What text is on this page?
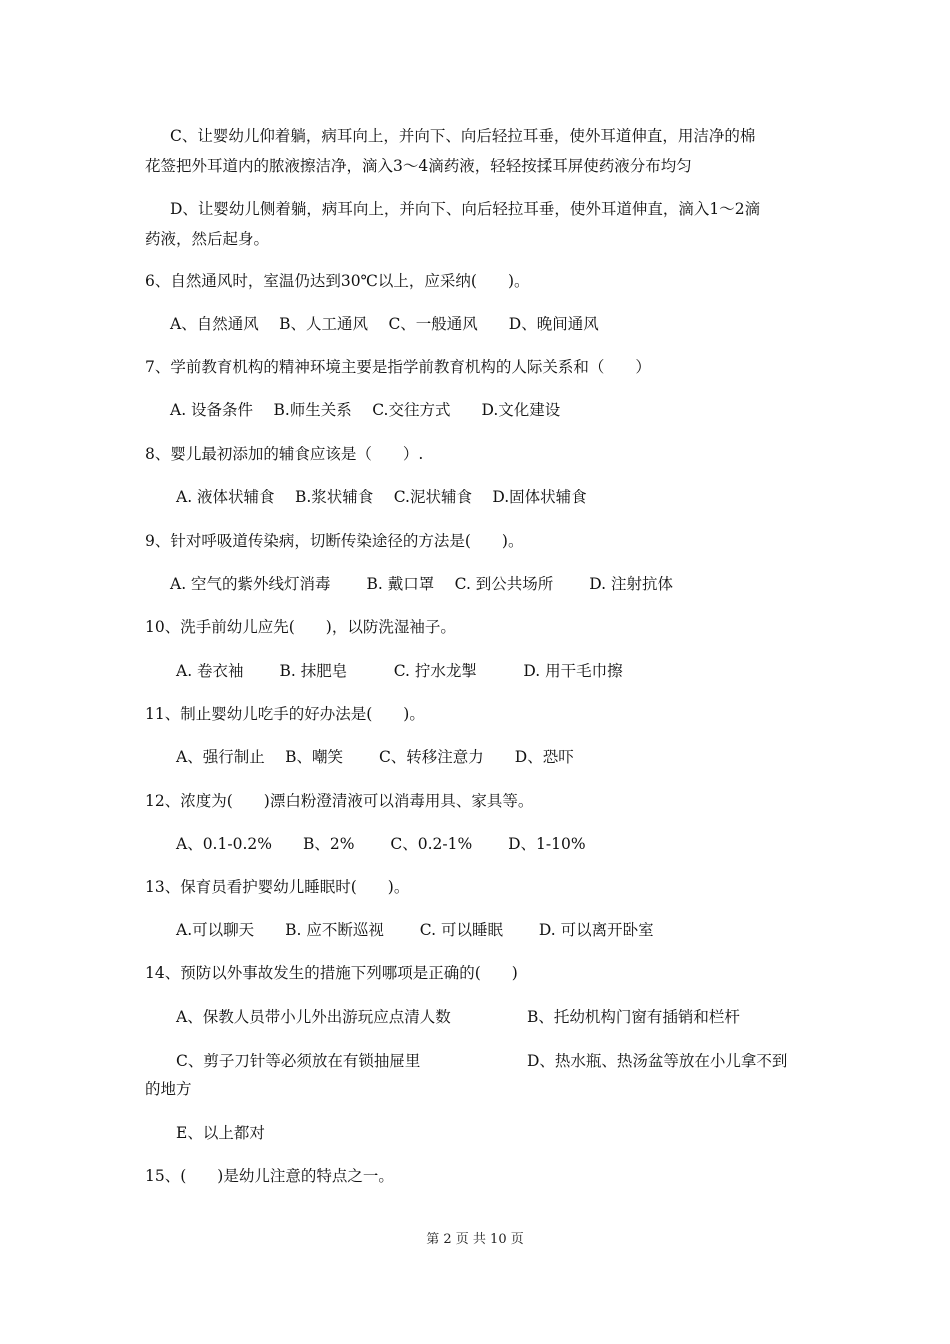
C、让婴幼儿仰着躺，病耳向上，并向下、向后轻拉耳垂，使外耳道伸直，用洁净的棉
花签把外耳道内的脓液擦洁净，滴入3～4滴药液，轻轻按揉耳屏使药液分布均匀
D、让婴幼儿侧着躺，病耳向上，并向下、向后轻拉耳垂，使外耳道伸直，滴入1～2滴
药液，然后起身。
6、自然通风时，室温仍达到30℃以上，应采纳(　　)。
A、自然通风　 B、人工通风　 C、一般通风　　D、晚间通风
7、学前教育机构的精神环境主要是指学前教育机构的人际关系和（　　）
A. 设备条件　 B.师生关系　 C.交往方式　　D.文化建设
8、婴儿最初添加的辅食应该是（　　）.
A. 液体状辅食　 B.浆状辅食　 C.泥状辅食　 D.固体状辅食
9、针对呼吸道传染病，切断传染途径的方法是(　　)。
A. 空气的紫外线灯消毒　　 B. 戴口罩　 C. 到公共场所　　 D. 注射抗体
10、洗手前幼儿应先(　　)，以防洗湿袖子。
A. 卷衣袖　　 B. 抹肥皂　　　C. 拧水龙掣　　　D. 用干毛巾擦
11、制止婴幼儿吃手的好办法是(　　)。
A、强行制止　 B、嘲笑　　 C、转移注意力　　D、恐吓
12、浓度为(　　)漂白粉澄清液可以消毒用具、家具等。
A、0.1-0.2%　　B、2%　　 C、0.2-1%　　 D、1-10%
13、保育员看护婴幼儿睡眠时(　　)。
A.可以聊天　　B. 应不断巡视　　 C. 可以睡眠　　 D. 可以离开卧室
14、预防以外事故发生的措施下列哪项是正确的(　　)
A、保教人员带小儿外出游玩应点清人数	B、托幼机构门窗有插销和栏杆
C、剪子刀针等必须放在有锁抽屉里	D、热水瓶、热汤盆等放在小儿拿不到
的地方
E、以上都对
15、(　　)是幼儿注意的特点之一。
第 2 页 共 10 页
